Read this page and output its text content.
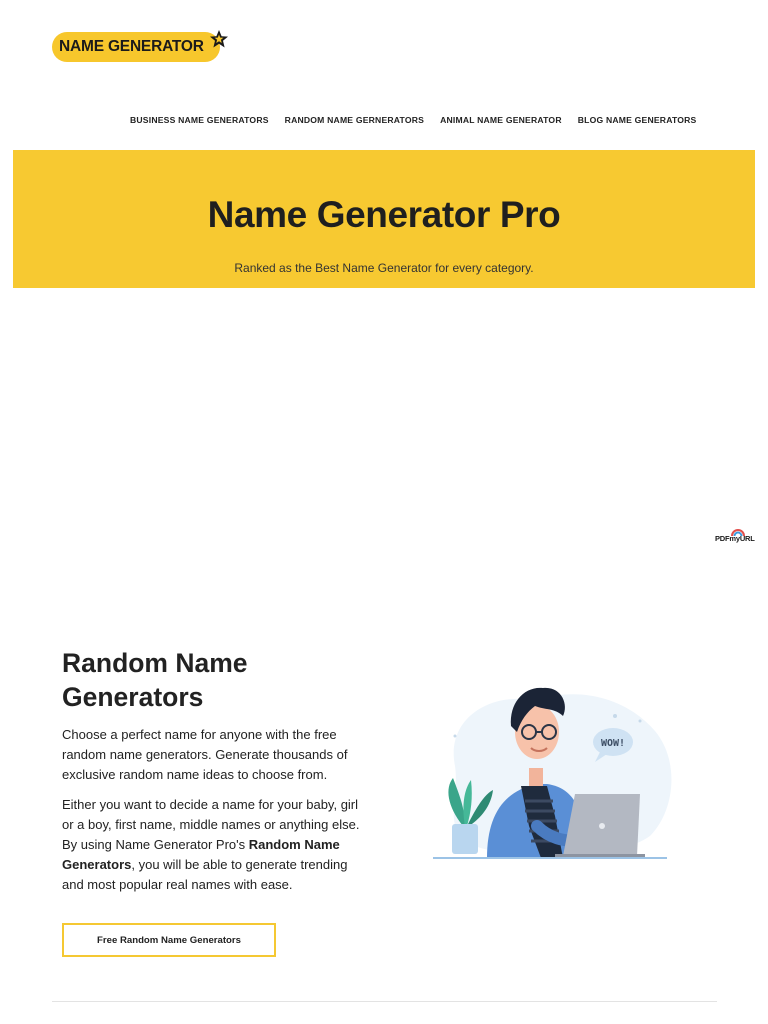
NAME GENERATOR
BUSINESS NAME GENERATORS RANDOM NAME GERNERATORS ANIMAL NAME GENERATOR BLOG NAME GENERATORS
Name Generator Pro

Ranked as the Best Name Generator for every category.

PDFmyURL
Random Name Generators

Choose a perfect name for anyone with the free random name generators. Generate thousands of exclusive random name ideas to choose from.

Either you want to decide a name for your baby, girl or a boy, first name, middle names or anything else. By using Name Generator Pro's Random Name Generators, you will be able to generate trending and most popular real names with ease.

Free Random Name Generators
WOW!
